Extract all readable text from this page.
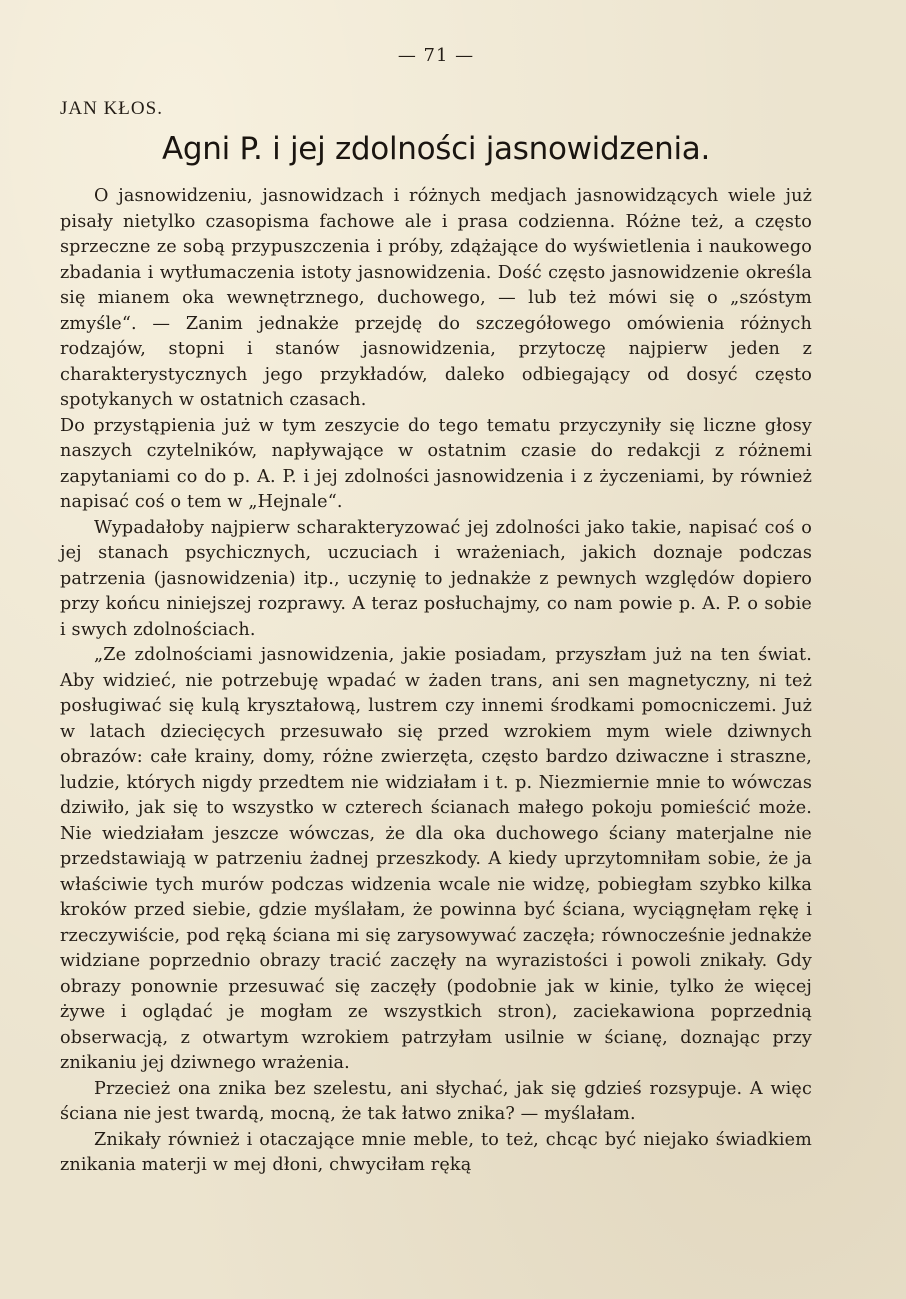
— 71 —
JAN KŁOS.
Agni P. i jej zdolności jasnowidzenia.

O jasnowidzeniu, jasnowidzach i różnych medjach jasnowidzących wiele już pisały nietylko czasopisma fachowe ale i prasa codzienna. Różne też, a często sprzeczne ze sobą przypuszczenia i próby, zdążające do wyświetlenia i naukowego zbadania i wytłumaczenia istoty jasnowidzenia. Dość często jasnowidzenie określa się mianem oka wewnętrznego, duchowego, — lub też mówi się o „szóstym zmyśle“. — Zanim jednakże przejdę do szczegółowego omówienia różnych rodzajów, stopni i stanów jasnowidzenia, przytoczę najpierw jeden z charakterystycznych jego przykładów, daleko odbiegający od dosyć często spotykanych w ostatnich czasach.

Do przystąpienia już w tym zeszycie do tego tematu przyczyniły się liczne głosy naszych czytelników, napływające w ostatnim czasie do redakcji z różnemi zapytaniami co do p. A. P. i jej zdolności jasnowidzenia i z życzeniami, by również napisać coś o tem w „Hejnale“.

Wypadałoby najpierw scharakteryzować jej zdolności jako takie, napisać coś o jej stanach psychicznych, uczuciach i wrażeniach, jakich doznaje podczas patrzenia (jasnowidzenia) itp., uczynię to jednakże z pewnych względów dopiero przy końcu niniejszej rozprawy. A teraz posłuchajmy, co nam powie p. A. P. o sobie i swych zdolnościach.

„Ze zdolnościami jasnowidzenia, jakie posiadam, przyszłam już na ten świat. Aby widzieć, nie potrzebuję wpadać w żaden trans, ani sen magnetyczny, ni też posługiwać się kulą kryształową, lustrem czy innemi środkami pomocniczemi. Już w latach dziecięcych przesuwało się przed wzrokiem mym wiele dziwnych obrazów: całe krainy, domy, różne zwierzęta, często bardzo dziwaczne i straszne, ludzie, których nigdy przedtem nie widziałam i t. p. Niezmiernie mnie to wówczas dziwiło, jak się to wszystko w czterech ścianach małego pokoju pomieścić może. Nie wiedziałam jeszcze wówczas, że dla oka duchowego ściany materjalne nie przedstawiają w patrzeniu żadnej przeszkody. A kiedy uprzytomniłam sobie, że ja właściwie tych murów podczas widzenia wcale nie widzę, pobiegłam szybko kilka kroków przed siebie, gdzie myślałam, że powinna być ściana, wyciągnęłam rękę i rzeczywiście, pod ręką ściana mi się zarysowywać zaczęła; równocześnie jednakże widziane poprzednio obrazy tracić zaczęły na wyrazistości i powoli znikały. Gdy obrazy ponownie przesuwać się zaczęły (podobnie jak w kinie, tylko że więcej żywe i oglądać je mogłam ze wszystkich stron), zaciekawiona poprzednią obserwacją, z otwartym wzrokiem patrzyłam usilnie w ścianę, doznając przy znikaniu jej dziwnego wrażenia.

Przecież ona znika bez szelestu, ani słychać, jak się gdzieś rozsypuje. A więc ściana nie jest twardą, mocną, że tak łatwo znika? — myślałam.

Znikały również i otaczające mnie meble, to też, chcąc być niejako świadkiem znikania materji w mej dłoni, chwyciłam ręką
